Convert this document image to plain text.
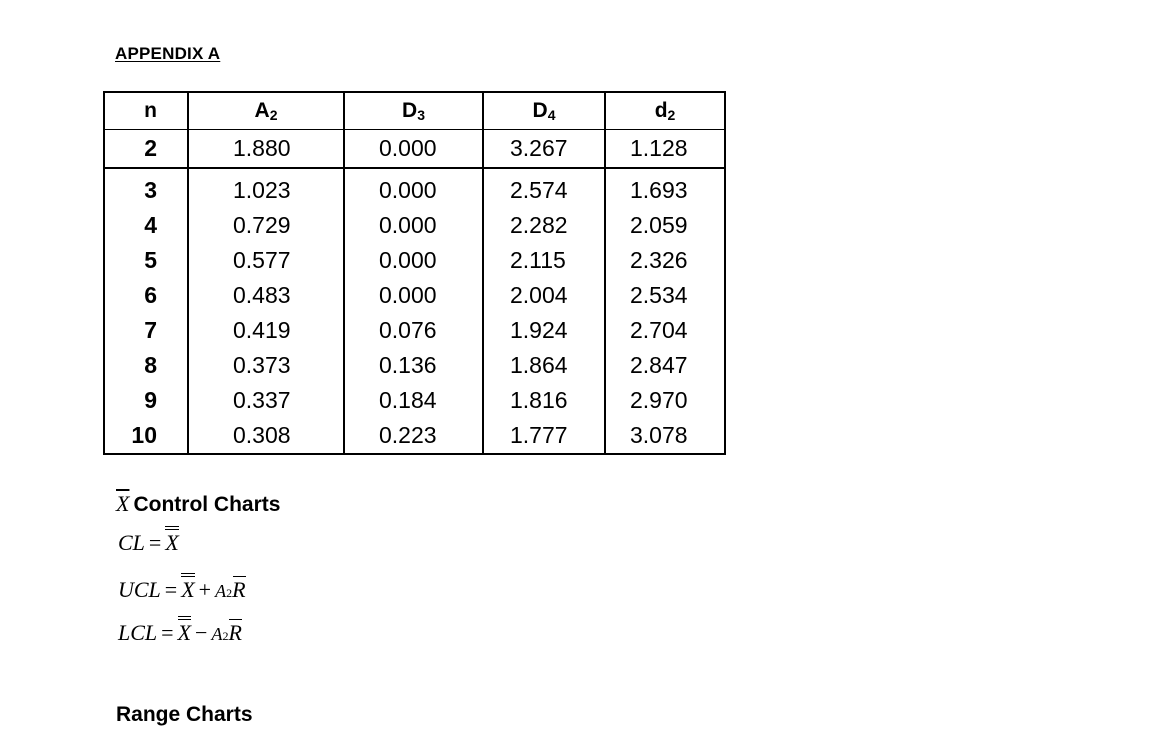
APPENDIX A
n	$A_2$	$D_3$	$D_4$	$d_2$
2	1.880	0.000	3.267	1.128
3	1.023	0.000	2.574	1.693
4	0.729	0.000	2.282	2.059
5	0.577	0.000	2.115	2.326
6	0.483	0.000	2.004	2.534
7	0.419	0.076	1.924	2.704
8	0.373	0.136	1.864	2.847
9	0.337	0.184	1.816	2.970
10	0.308	0.223	1.777	3.078
$\overline{X}$ Control Charts
CL = X
UCL = X + A2R
LCL = X − A2R
Range Charts
